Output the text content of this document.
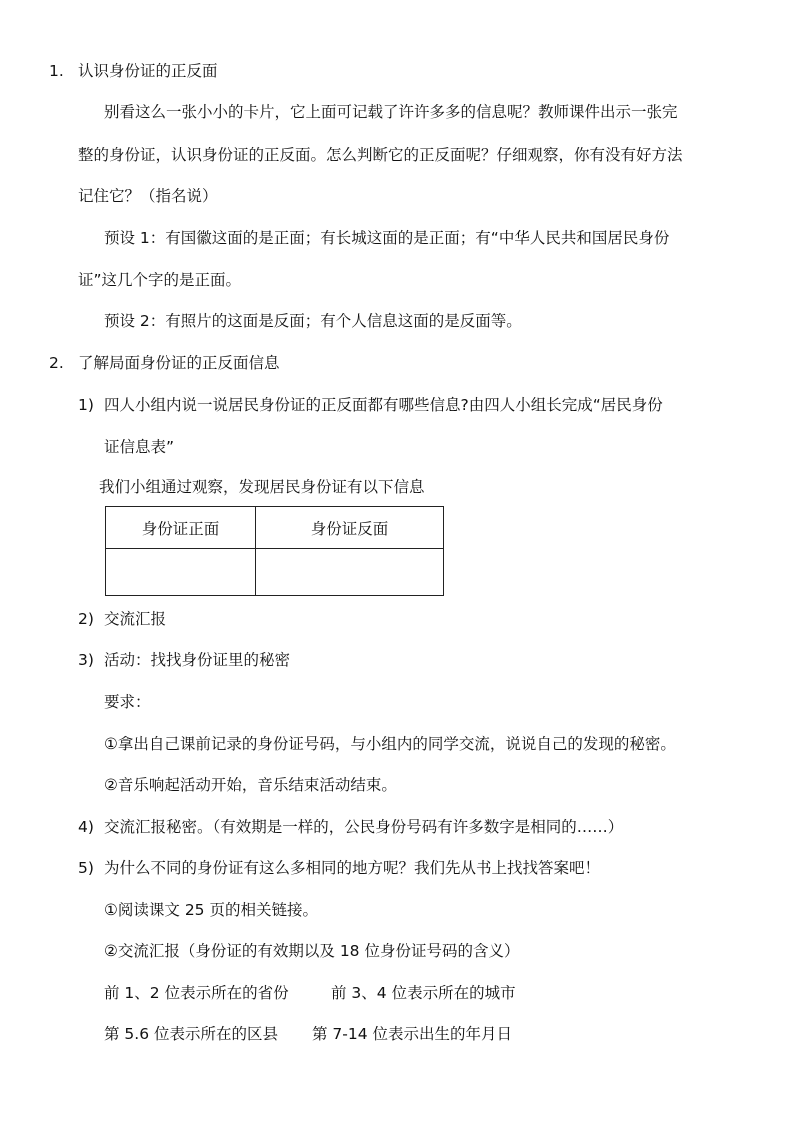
1. 认识身份证的正反面
别看这么一张小小的卡片，它上面可记载了许许多多的信息呢？教师课件出示一张完
整的身份证，认识身份证的正反面。怎么判断它的正反面呢？仔细观察，你有没有好方法
记住它？（指名说）
预设 1：有国徽这面的是正面；有长城这面的是正面；有“中华人民共和国居民身份
证”这几个字的是正面。
预设 2：有照片的这面是反面；有个人信息这面的是反面等。
2. 了解局面身份证的正反面信息
1) 四人小组内说一说居民身份证的正反面都有哪些信息?由四人小组长完成“居民身份
证信息表”
我们小组通过观察，发现居民身份证有以下信息
身份证正面	身份证反面

2) 交流汇报
3) 活动：找找身份证里的秘密
要求：
①拿出自己课前记录的身份证号码，与小组内的同学交流，说说自己的发现的秘密。
②音乐响起活动开始，音乐结束活动结束。
4) 交流汇报秘密。（有效期是一样的，公民身份号码有许多数字是相同的……）
5) 为什么不同的身份证有这么多相同的地方呢？我们先从书上找找答案吧！
①阅读课文 25 页的相关链接。
②交流汇报（身份证的有效期以及 18 位身份证号码的含义）
前 1、2 位表示所在的省份	前 3、4 位表示所在的城市
第 5.6 位表示所在的区县 第 7-14 位表示出生的年月日
